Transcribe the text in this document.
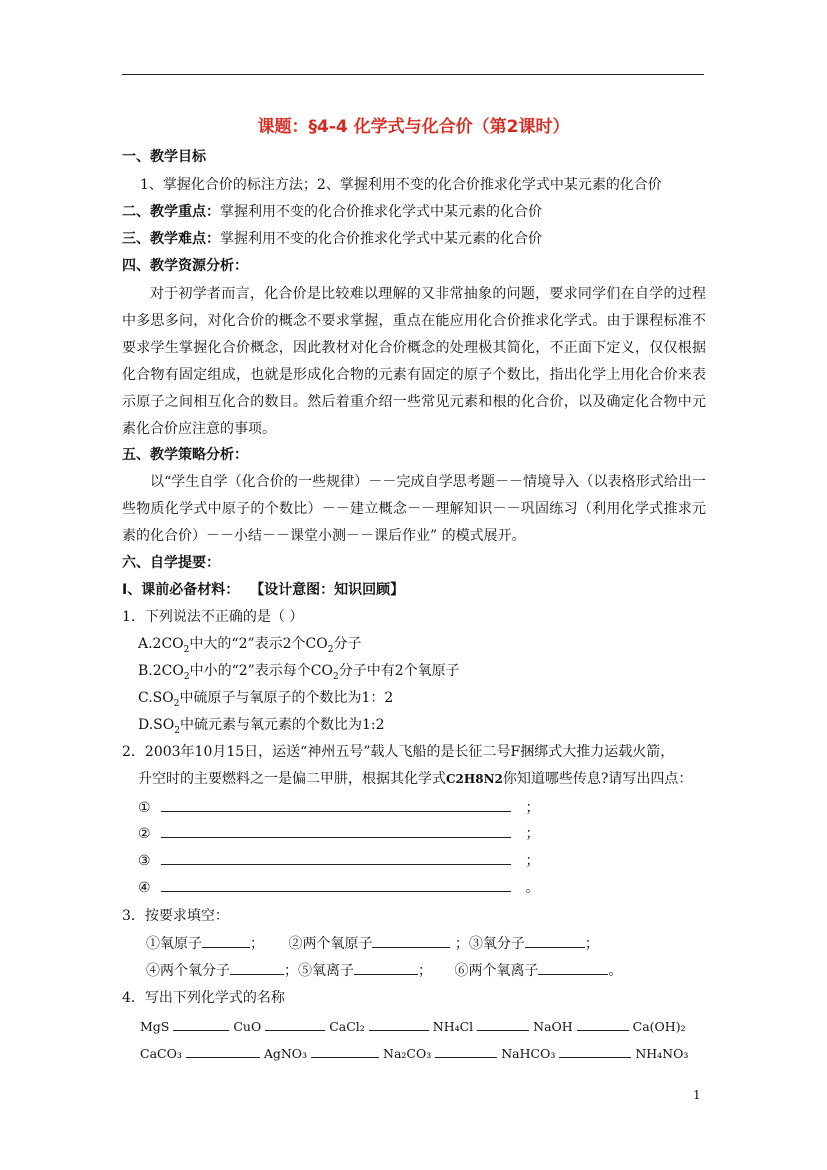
课题：§4-4 化学式与化合价（第2课时）
一、教学目标
1、掌握化合价的标注方法；2、掌握利用不变的化合价推求化学式中某元素的化合价
二、教学重点：掌握利用不变的化合价推求化学式中某元素的化合价
三、教学难点：掌握利用不变的化合价推求化学式中某元素的化合价
四、教学资源分析：
对于初学者而言，化合价是比较难以理解的又非常抽象的问题，要求同学们在自学的过程中多思多问，对化合价的概念不要求掌握，重点在能应用化合价推求化学式。由于课程标准不要求学生掌握化合价概念，因此教材对化合价概念的处理极其简化，不正面下定义，仅仅根据化合物有固定组成，也就是形成化合物的元素有固定的原子个数比，指出化学上用化合价来表示原子之间相互化合的数目。然后着重介绍一些常见元素和根的化合价，以及确定化合物中元素化合价应注意的事项。
五、教学策略分析：
以“学生自学（化合价的一些规律）－－完成自学思考题－－情境导入（以表格形式给出一些物质化学式中原子的个数比）－－建立概念－－理解知识－－巩固练习（利用化学式推求元素的化合价）－－小结－－课堂小测－－课后作业” 的模式展开。
六、自学提要：
Ⅰ、课前必备材料： 【设计意图：知识回顾】
1．下列说法不正确的是（ ）
$A.2CO_2$中大的“2”表示2个$CO_2$分子
$B.2CO_2$中小的“2”表示每个$CO_2$分子中有2个氧原子
$C.SO_2$中硫原子与氧原子的个数比为1：2
$D.SO_2$中硫元素与氧元素的个数比为1:2
2．2003年10月15日，运送“神州五号”载人飞船的是长征二号F捆绑式大推力运载火箭，
升空时的主要燃料之一是偏二甲肼，根据其化学式C2H8N2你知道哪些传息?请写出四点：
①	；
②	；
③	；
④	。
3．按要求填空：
①氧原子	； ②两个氧原子	；③氧分子	；
④两个氧分子	；⑤氧离子	； ⑥两个氧离子	。
4．写出下列化学式的名称
MgS	CuO	CaCl₂	NH₄Cl	NaOH	Ca(OH)₂
CaCO₃	AgNO₃	Na₂CO₃	NaHCO₃	NH₄NO₃
1
